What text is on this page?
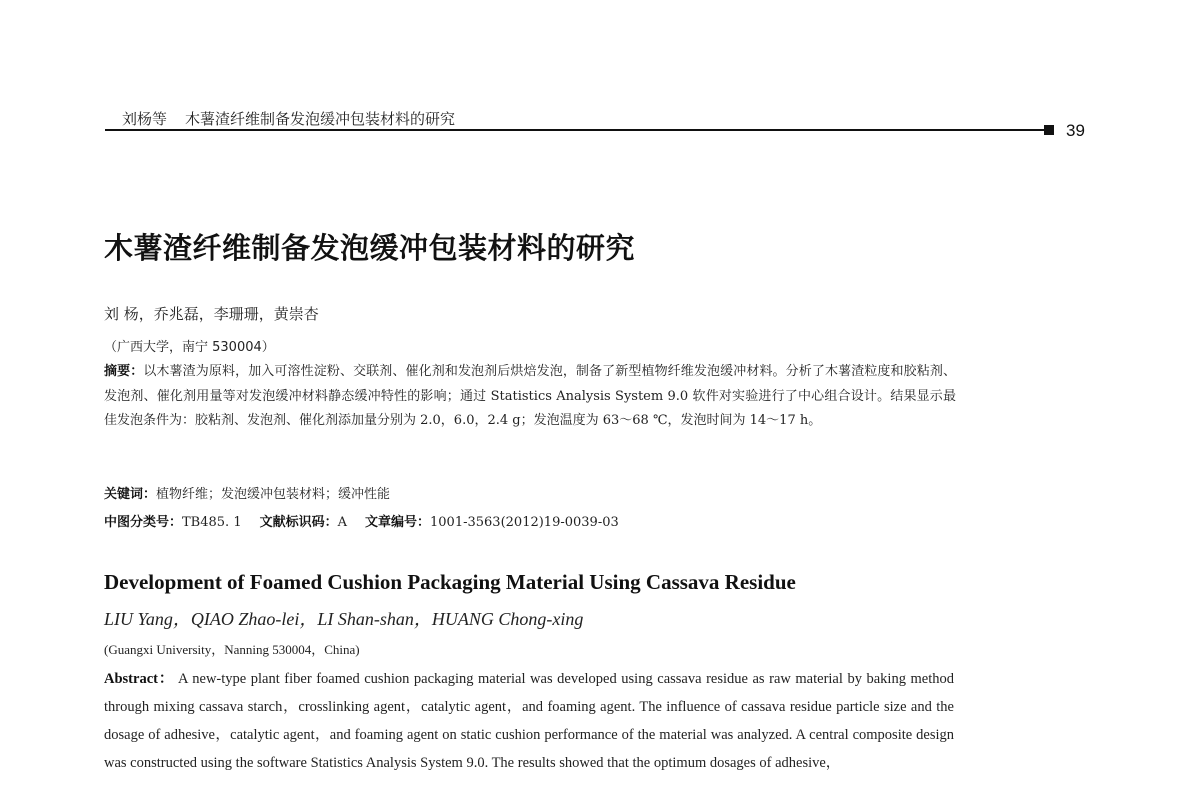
刘杨等 木薯渣纤维制备发泡缓冲包装材料的研究
39
木薯渣纤维制备发泡缓冲包装材料的研究
刘 杨，乔兆磊，李珊珊，黄崇杏
（广西大学，南宁 530004）
摘要：以木薯渣为原料，加入可溶性淀粉、交联剂、催化剂和发泡剂后烘焙发泡，制备了新型植物纤维发泡缓冲材料。分析了木薯渣粒度和胶粘剂、发泡剂、催化剂用量等对发泡缓冲材料静态缓冲特性的影响；通过 Statistics Analysis System 9.0 软件对实验进行了中心组合设计。结果显示最佳发泡条件为：胶粘剂、发泡剂、催化剂添加量分别为 2.0，6.0，2.4 g；发泡温度为 63～68 ℃，发泡时间为 14～17 h。
关键词：植物纤维；发泡缓冲包装材料；缓冲性能
中图分类号：TB485. 1 文献标识码：A 文章编号：1001-3563(2012)19-0039-03
Development of Foamed Cushion Packaging Material Using Cassava Residue
LIU Yang，QIAO Zhao-lei，LI Shan-shan，HUANG Chong-xing
(Guangxi University，Nanning 530004，China)
Abstract： A new-type plant fiber foamed cushion packaging material was developed using cassava residue as raw material by baking method through mixing cassava starch，crosslinking agent，catalytic agent，and foaming agent. The influence of cassava residue particle size and the dosage of adhesive，catalytic agent，and foaming agent on static cushion performance of the material was analyzed. A central composite design was constructed using the software Statistics Analysis System 9.0. The results showed that the optimum dosages of adhesive，
